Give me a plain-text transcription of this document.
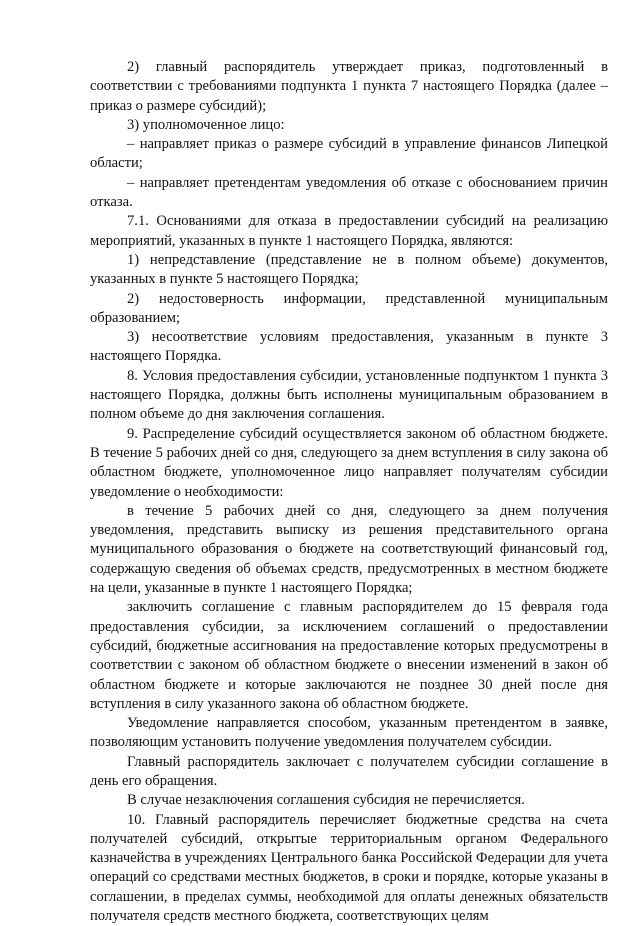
2) главный распорядитель утверждает приказ, подготовленный в соответствии с требованиями подпункта 1 пункта 7 настоящего Порядка (далее – приказ о размере субсидий);

3) уполномоченное лицо:

– направляет приказ о размере субсидий в управление финансов Липецкой области;

– направляет претендентам уведомления об отказе с обоснованием причин отказа.

7.1. Основаниями для отказа в предоставлении субсидий на реализацию мероприятий, указанных в пункте 1 настоящего Порядка, являются:

1) непредставление (представление не в полном объеме) документов, указанных в пункте 5 настоящего Порядка;

2) недостоверность информации, представленной муниципальным образованием;

3) несоответствие условиям предоставления, указанным в пункте 3 настоящего Порядка.

8. Условия предоставления субсидии, установленные подпунктом 1 пункта 3 настоящего Порядка, должны быть исполнены муниципальным образованием в полном объеме до дня заключения соглашения.

9. Распределение субсидий осуществляется законом об областном бюджете. В течение 5 рабочих дней со дня, следующего за днем вступления в силу закона об областном бюджете, уполномоченное лицо направляет получателям субсидии уведомление о необходимости:

в течение 5 рабочих дней со дня, следующего за днем получения уведомления, представить выписку из решения представительного органа муниципального образования о бюджете на соответствующий финансовый год, содержащую сведения об объемах средств, предусмотренных в местном бюджете на цели, указанные в пункте 1 настоящего Порядка;

заключить соглашение с главным распорядителем до 15 февраля года предоставления субсидии, за исключением соглашений о предоставлении субсидий, бюджетные ассигнования на предоставление которых предусмотрены в соответствии с законом об областном бюджете о внесении изменений в закон об областном бюджете и которые заключаются не позднее 30 дней после дня вступления в силу указанного закона об областном бюджете.

Уведомление направляется способом, указанным претендентом в заявке, позволяющим установить получение уведомления получателем субсидии.

Главный распорядитель заключает с получателем субсидии соглашение в день его обращения.

В случае незаключения соглашения субсидия не перечисляется.

10. Главный распорядитель перечисляет бюджетные средства на счета получателей субсидий, открытые территориальным органом Федерального казначейства в учреждениях Центрального банка Российской Федерации для учета операций со средствами местных бюджетов, в сроки и порядке, которые указаны в соглашении, в пределах суммы, необходимой для оплаты денежных обязательств получателя средств местного бюджета, соответствующих целям
